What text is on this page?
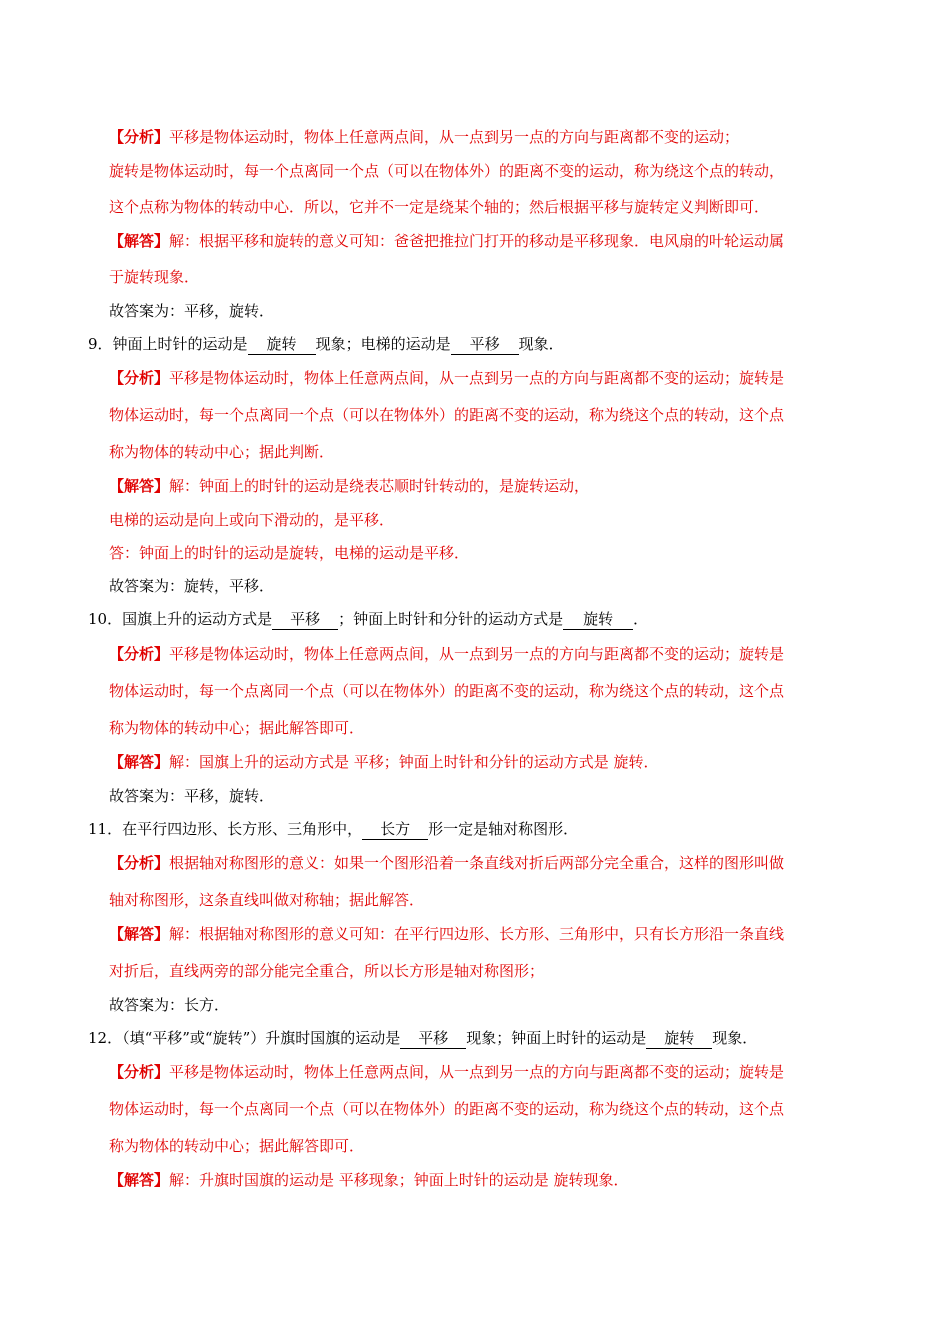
【分析】平移是物体运动时，物体上任意两点间，从一点到另一点的方向与距离都不变的运动；
旋转是物体运动时，每一个点离同一个点（可以在物体外）的距离不变的运动，称为绕这个点的转动，
这个点称为物体的转动中心．所以，它并不一定是绕某个轴的；然后根据平移与旋转定义判断即可．
【解答】解：根据平移和旋转的意义可知：爸爸把推拉门打开的移动是平移现象．电风扇的叶轮运动属
于旋转现象．
故答案为：平移，旋转．
9．钟面上时针的运动是 旋转 现象；电梯的运动是 平移 现象．
【分析】平移是物体运动时，物体上任意两点间，从一点到另一点的方向与距离都不变的运动；旋转是
物体运动时，每一个点离同一个点（可以在物体外）的距离不变的运动，称为绕这个点的转动，这个点
称为物体的转动中心；据此判断．
【解答】解：钟面上的时针的运动是绕表芯顺时针转动的，是旋转运动，
电梯的运动是向上或向下滑动的，是平移．
答：钟面上的时针的运动是旋转，电梯的运动是平移．
故答案为：旋转，平移．
10．国旗上升的运动方式是 平移 ；钟面上时针和分针的运动方式是 旋转 ．
【分析】平移是物体运动时，物体上任意两点间，从一点到另一点的方向与距离都不变的运动；旋转是
物体运动时，每一个点离同一个点（可以在物体外）的距离不变的运动，称为绕这个点的转动，这个点
称为物体的转动中心；据此解答即可．
【解答】解：国旗上升的运动方式是 平移；钟面上时针和分针的运动方式是 旋转．
故答案为：平移，旋转．
11．在平行四边形、长方形、三角形中， 长方 形一定是轴对称图形．
【分析】根据轴对称图形的意义：如果一个图形沿着一条直线对折后两部分完全重合，这样的图形叫做
轴对称图形，这条直线叫做对称轴；据此解答．
【解答】解：根据轴对称图形的意义可知：在平行四边形、长方形、三角形中，只有长方形沿一条直线
对折后，直线两旁的部分能完全重合，所以长方形是轴对称图形；
故答案为：长方．
12．（填“平移”或“旋转”）升旗时国旗的运动是 平移 现象；钟面上时针的运动是 旋转 现象．
【分析】平移是物体运动时，物体上任意两点间，从一点到另一点的方向与距离都不变的运动；旋转是
物体运动时，每一个点离同一个点（可以在物体外）的距离不变的运动，称为绕这个点的转动，这个点
称为物体的转动中心；据此解答即可．
【解答】解：升旗时国旗的运动是 平移现象；钟面上时针的运动是 旋转现象．
